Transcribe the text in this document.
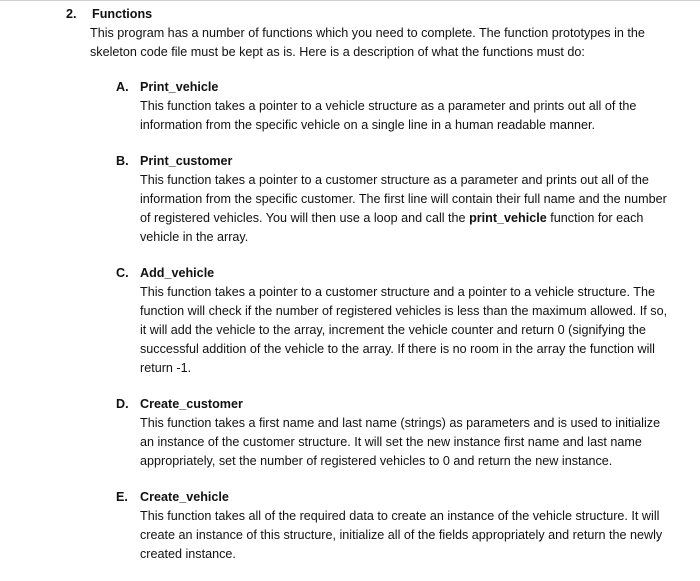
2. Functions
This program has a number of functions which you need to complete. The function prototypes in the skeleton code file must be kept as is. Here is a description of what the functions must do:
A. Print_vehicle
This function takes a pointer to a vehicle structure as a parameter and prints out all of the information from the specific vehicle on a single line in a human readable manner.
B. Print_customer
This function takes a pointer to a customer structure as a parameter and prints out all of the information from the specific customer. The first line will contain their full name and the number of registered vehicles. You will then use a loop and call the print_vehicle function for each vehicle in the array.
C. Add_vehicle
This function takes a pointer to a customer structure and a pointer to a vehicle structure. The function will check if the number of registered vehicles is less than the maximum allowed. If so, it will add the vehicle to the array, increment the vehicle counter and return 0 (signifying the successful addition of the vehicle to the array. If there is no room in the array the function will return -1.
D. Create_customer
This function takes a first name and last name (strings) as parameters and is used to initialize an instance of the customer structure. It will set the new instance first name and last name appropriately, set the number of registered vehicles to 0 and return the new instance.
E. Create_vehicle
This function takes all of the required data to create an instance of the vehicle structure. It will create an instance of this structure, initialize all of the fields appropriately and return the newly created instance.
